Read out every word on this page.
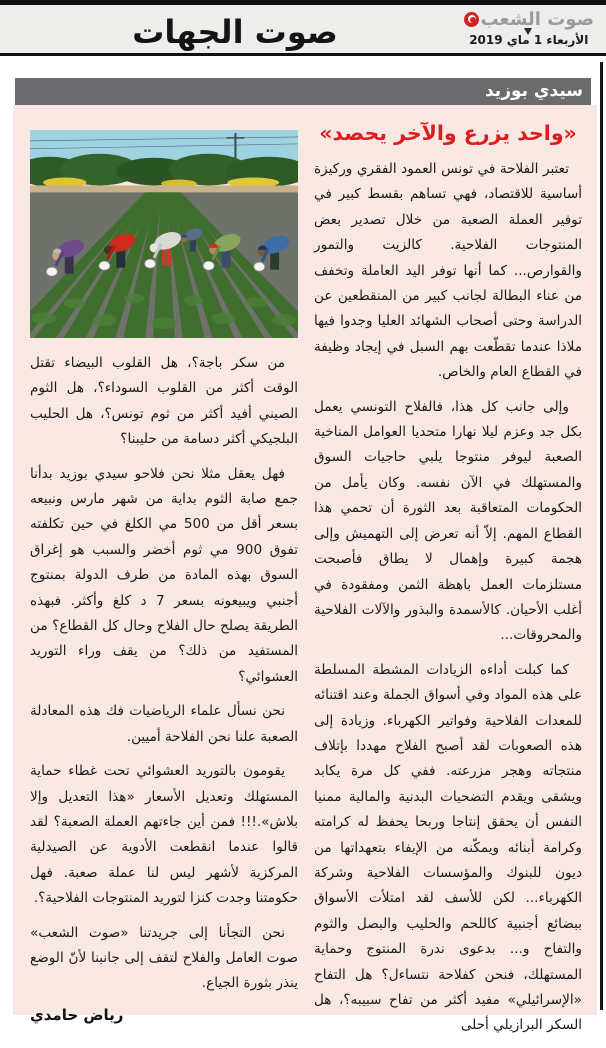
صوت الجهات	صوت الشعب
الأربعاء 1 ماي 2019
سيدي بوزيد
«واحد يزرع والآخر يحصد»

تعتبر الفلاحة في تونس العمود الفقري وركيزة أساسية للاقتصاد، فهي تساهم بقسط كبير في توفير العملة الصعبة من خلال تصدير بعض المنتوجات الفلاحية. كالزيت والتمور والقوارص... كما أنها توفر اليد العاملة وتخفف من عناء البطالة لجانب كبير من المنقطعين عن الدراسة وحتى أصحاب الشهائد العليا وجدوا فيها ملاذا عندما تقطّعت بهم السبل في إيجاد وظيفة في القطاع العام والخاص.

وإلى جانب كل هذا، فالفلاح التونسي يعمل بكل جد وعزم ليلا نهارا متحديا العوامل المناخية الصعبة ليوفر منتوجا يلبي حاجيات السوق والمستهلك في الآن نفسه. وكان يأمل من الحكومات المتعاقبة بعد الثورة أن تحمي هذا القطاع المهم. إلاّ أنه تعرض إلى التهميش وإلى هجمة كبيرة وإهمال لا يطاق فأصبحت مستلزمات العمل باهظة الثمن ومفقودة في أغلب الأحيان. كالأسمدة والبذور والآلات الفلاحية والمحروقات...

كما كبلت أداءه الزيادات المشطة المسلطة على هذه المواد وفي أسواق الجملة وعند اقتنائه للمعدات الفلاحية وفواتير الكهرباء. وزيادة إلى هذه الصعوبات لقد أصبح الفلاح مهددا بإتلاف منتجاته وهجر مزرعته. ففي كل مرة يكابد ويشقى ويقدم التضحيات البدنية والمالية ممنيا النفس أن يحقق إنتاجا وربحا يحفظ له كرامته وكرامة أبنائه ويمكّنه من الإيفاء بتعهداتها من ديون للبنوك والمؤسسات الفلاحية وشركة الكهرباء... لكن للأسف لقد امتلأت الأسواق ببضائع أجنبية كاللحم والحليب والبصل والثوم والتفاح و... بدعوى ندرة المنتوج وحماية المستهلك، فنحن كفلاحة نتساءل؟ هل التفاح «الإسرائيلي» مفيد أكثر من تفاح سبيبه؟، هل السكر البرازيلي أحلى

من سكر باجة؟، هل القلوب البيضاء تقتل الوقت أكثر من القلوب السوداء؟، هل الثوم الصيني أفيد أكثر من ثوم تونس؟، هل الحليب البلجيكي أكثر دسامة من حليبنا؟

فهل يعقل مثلا نحن فلاحو سيدي بوزيد بدأنا جمع صابة الثوم بداية من شهر مارس ونبيعه بسعر أقل من 500 مي الكلغ في حين تكلفته تفوق 900 مي ثوم أخضر والسبب هو إغراق السوق بهذه المادة من طرف الدولة بمنتوج أجنبي ويبيعونه بسعر 7 د كلغ وأكثر. فبهذه الطريقة يصلح حال الفلاح وحال كل القطاع؟ من المستفيد من ذلك؟ من يقف وراء التوريد العشوائي؟

نحن نسأل علماء الرياضيات فك هذه المعادلة الصعبة علنا نحن الفلاحة أميين.

يقومون بالتوريد العشوائي تحت غطاء حماية المستهلك وتعديل الأسعار «هذا التعديل وإلا بلاش».!!! فمن أين جاءتهم العملة الصعبة؟ لقد قالوا عندما انقطعت الأدوية عن الصيدلية المركزية لأشهر ليس لنا عملة صعبة. فهل حكومتنا وجدت كنزا لتوريد المنتوجات الفلاحية؟.

نحن التجأنا إلى جريدتنا «صوت الشعب» صوت العامل والفلاح لتقف إلى جانبنا لأنّ الوضع ينذر بثورة الجياع.

رياض حامدي
